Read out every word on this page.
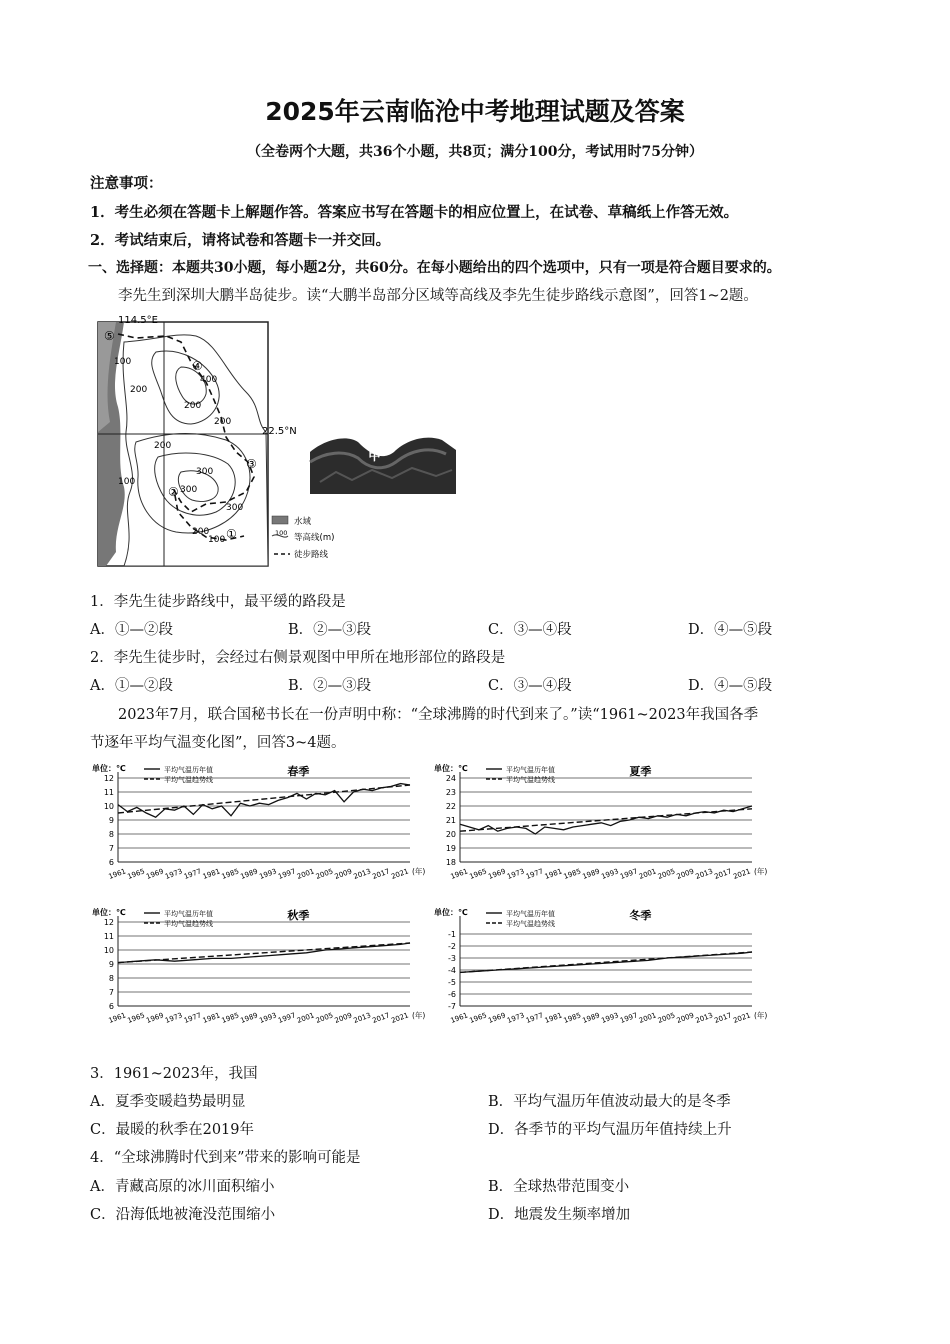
2025年云南临沧中考地理试题及答案
（全卷两个大题，共36个小题，共8页；满分100分，考试用时75分钟）
注意事项：
1．考生必须在答题卡上解题作答。答案应书写在答题卡的相应位置上，在试卷、草稿纸上作答无效。
2．考试结束后，请将试卷和答题卡一并交回。
一、选择题：本题共30小题，每小题2分，共60分。在每小题给出的四个选项中，只有一项是符合题目要求的。
李先生到深圳大鹏半岛徒步。读“大鹏半岛部分区域等高线及李先生徒步路线示意图”，回答1~2题。
114.5°E
22.5°N
⑤
④
③
②
①
100
100
200
200
200
200
300
300
300
400
100
200
甲
水域
100 等高线(m)
徒步路线
1．李先生徒步路线中，最平缓的路段是
A．①—②段	B．②—③段	C．③—④段	D．④—⑤段
2．李先生徒步时，会经过右侧景观图中甲所在地形部位的路段是
A．①—②段	B．②—③段	C．③—④段	D．④—⑤段
2023年7月，联合国秘书长在一份声明中称：“全球沸腾的时代到来了。”读“1961~2023年我国各季
节逐年平均气温变化图”，回答3~4题。
6
7
8
9
10
11
12
1961 1965 1969 1973 1977 1981 1985 1989 1993 1997 2001 2005 2009 2013 2017 2021 (年)
单位：℃	春季
平均气温历年值
平均气温趋势线
18
19
20
21
22
23
24
1961 1965 1969 1973 1977 1981 1985 1989 1993 1997 2001 2005 2009 2013 2017 2021 (年)
单位：℃	夏季
平均气温历年值
平均气温趋势线
6
7
8
9
10
11
12
1961 1965 1969 1973 1977 1981 1985 1989 1993 1997 2001 2005 2009 2013 2017 2021 (年)
单位：℃	秋季
平均气温历年值
平均气温趋势线
-7
-6
-5
-4
-3
-2
-1
1961 1965 1969 1973 1977 1981 1985 1989 1993 1997 2001 2005 2009 2013 2017 2021 (年)
单位：℃	冬季
平均气温历年值
平均气温趋势线
3．1961~2023年，我国
A．夏季变暖趋势最明显	B．平均气温历年值波动最大的是冬季
C．最暖的秋季在2019年	D．各季节的平均气温历年值持续上升
4．“全球沸腾时代到来”带来的影响可能是
A．青藏高原的冰川面积缩小	B．全球热带范围变小
C．沿海低地被淹没范围缩小	D．地震发生频率增加
